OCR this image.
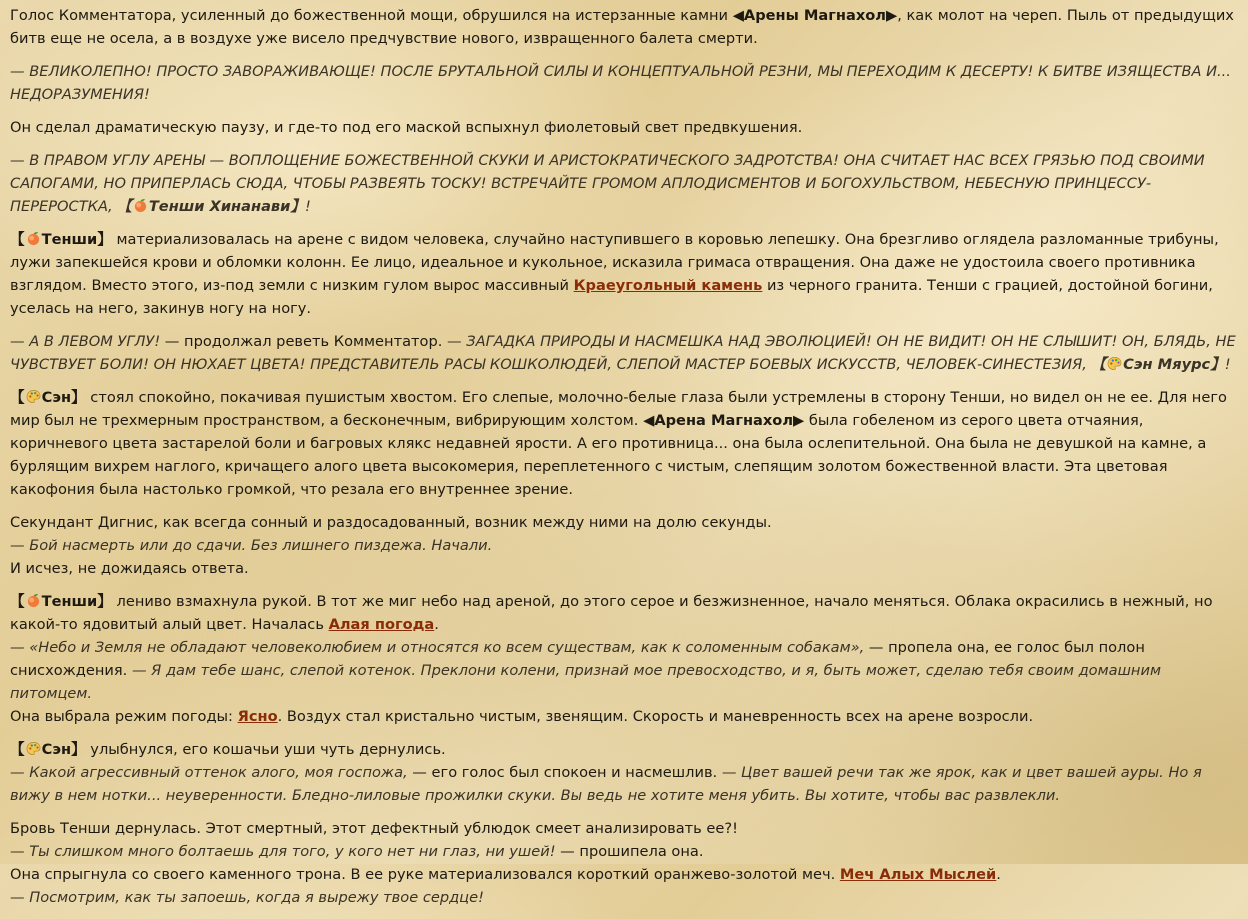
Голос Комментатора, усиленный до божественной мощи, обрушился на истерзанные камни ◀Арены Магнахол▶, как молот на череп. Пыль от предыдущих битв еще не осела, а в воздухе уже висело предчувствие нового, извращенного балета смерти.

— ВЕЛИКОЛЕПНО! ПРОСТО ЗАВОРАЖИВАЮЩЕ! ПОСЛЕ БРУТАЛЬНОЙ СИЛЫ И КОНЦЕПТУАЛЬНОЙ РЕЗНИ, МЫ ПЕРЕХОДИМ К ДЕСЕРТУ! К БИТВЕ ИЗЯЩЕСТВА И... НЕДОРАЗУМЕНИЯ!

Он сделал драматическую паузу, и где-то под его маской вспыхнул фиолетовый свет предвкушения.

— В ПРАВОМ УГЛУ АРЕНЫ — ВОПЛОЩЕНИЕ БОЖЕСТВЕННОЙ СКУКИ И АРИСТОКРАТИЧЕСКОГО ЗАДРОТСТВА! ОНА СЧИТАЕТ НАС ВСЕХ ГРЯЗЬЮ ПОД СВОИМИ САПОГАМИ, НО ПРИПЕРЛАСЬ СЮДА, ЧТОБЫ РАЗВЕЯТЬ ТОСКУ! ВСТРЕЧАЙТЕ ГРОМОМ АПЛОДИСМЕНТОВ И БОГОХУЛЬСТВОМ, НЕБЕСНУЮ ПРИНЦЕССУ-ПЕРЕРОСТКА, 【 Тенши Хинанави】!

【 Тенши】 материализовалась на арене с видом человека, случайно наступившего в коровью лепешку. Она брезгливо оглядела разломанные трибуны, лужи запекшейся крови и обломки колонн. Ее лицо, идеальное и кукольное, исказила гримаса отвращения. Она даже не удостоила своего противника взглядом. Вместо этого, из-под земли с низким гулом вырос массивный Краеугольный камень из черного гранита. Тенши с грацией, достойной богини, уселась на него, закинув ногу на ногу.

— А В ЛЕВОМ УГЛУ! — продолжал реветь Комментатор. — ЗАГАДКА ПРИРОДЫ И НАСМЕШКА НАД ЭВОЛЮЦИЕЙ! ОН НЕ ВИДИТ! ОН НЕ СЛЫШИТ! ОН, БЛЯДЬ, НЕ ЧУВСТВУЕТ БОЛИ! ОН НЮХАЕТ ЦВЕТА! ПРЕДСТАВИТЕЛЬ РАСЫ КОШКОЛЮДЕЙ, СЛЕПОЙ МАСТЕР БОЕВЫХ ИСКУССТВ, ЧЕЛОВЕК-СИНЕСТЕЗИЯ, 【 Сэн Мяурс】!

【 Сэн】 стоял спокойно, покачивая пушистым хвостом. Его слепые, молочно-белые глаза были устремлены в сторону Тенши, но видел он не ее. Для него мир был не трехмерным пространством, а бесконечным, вибрирующим холстом. ◀Арена Магнахол▶ была гобеленом из серого цвета отчаяния, коричневого цвета застарелой боли и багровых клякс недавней ярости. А его противница... она была ослепительной. Она была не девушкой на камне, а бурлящим вихрем наглого, кричащего алого цвета высокомерия, переплетенного с чистым, слепящим золотом божественной власти. Эта цветовая какофония была настолько громкой, что резала его внутреннее зрение.

Секундант Дигнис, как всегда сонный и раздосадованный, возник между ними на долю секунды.
— Бой насмерть или до сдачи. Без лишнего пиздежа. Начали.
И исчез, не дожидаясь ответа.

【 Тенши】 лениво взмахнула рукой. В тот же миг небо над ареной, до этого серое и безжизненное, начало меняться. Облака окрасились в нежный, но какой-то ядовитый алый цвет. Началась Алая погода.
— «Небо и Земля не обладают человеколюбием и относятся ко всем существам, как к соломенным собакам», — пропела она, ее голос был полон снисхождения. — Я дам тебе шанс, слепой котенок. Преклони колени, признай мое превосходство, и я, быть может, сделаю тебя своим домашним питомцем.
Она выбрала режим погоды: Ясно. Воздух стал кристально чистым, звенящим. Скорость и маневренность всех на арене возросли.

【 Сэн】 улыбнулся, его кошачьи уши чуть дернулись.
— Какой агрессивный оттенок алого, моя госпожа, — его голос был спокоен и насмешлив. — Цвет вашей речи так же ярок, как и цвет вашей ауры. Но я вижу в нем нотки... неуверенности. Бледно-лиловые прожилки скуки. Вы ведь не хотите меня убить. Вы хотите, чтобы вас развлекли.

Бровь Тенши дернулась. Этот смертный, этот дефектный ублюдок смеет анализировать ее?!
— Ты слишком много болтаешь для того, у кого нет ни глаз, ни ушей! — прошипела она.
Она спрыгнула со своего каменного трона. В ее руке материализовался короткий оранжево-золотой меч. Меч Алых Мыслей.
— Посмотрим, как ты запоешь, когда я вырежу твое сердце!
